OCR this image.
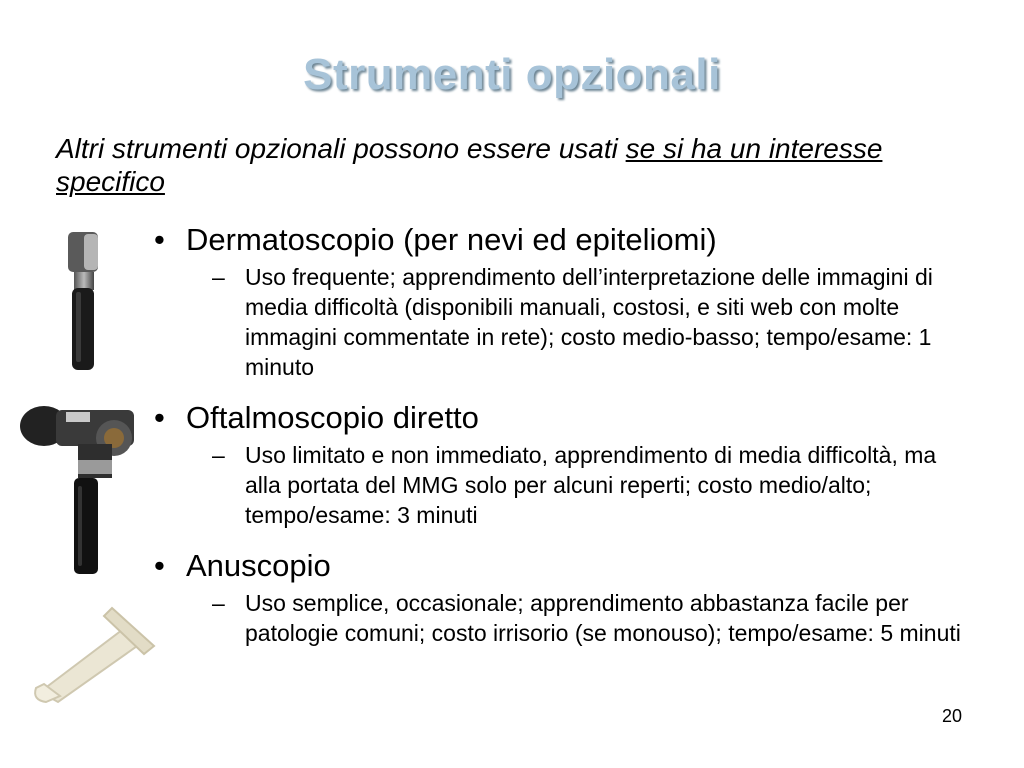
Strumenti opzionali
Altri strumenti opzionali possono essere usati se si ha un interesse specifico
• Dermatoscopio (per nevi ed epiteliomi)
– Uso frequente; apprendimento dell’interpretazione delle immagini di media difficoltà (disponibili manuali, costosi, e siti web con molte immagini commentate in rete); costo medio-basso; tempo/esame: 1 minuto
• Oftalmoscopio diretto
– Uso limitato e non immediato, apprendimento di media difficoltà, ma alla portata del MMG solo per alcuni reperti; costo medio/alto; tempo/esame: 3 minuti
• Anuscopio
– Uso semplice, occasionale; apprendimento abbastanza facile per patologie comuni; costo irrisorio (se monouso); tempo/esame: 5 minuti
20
